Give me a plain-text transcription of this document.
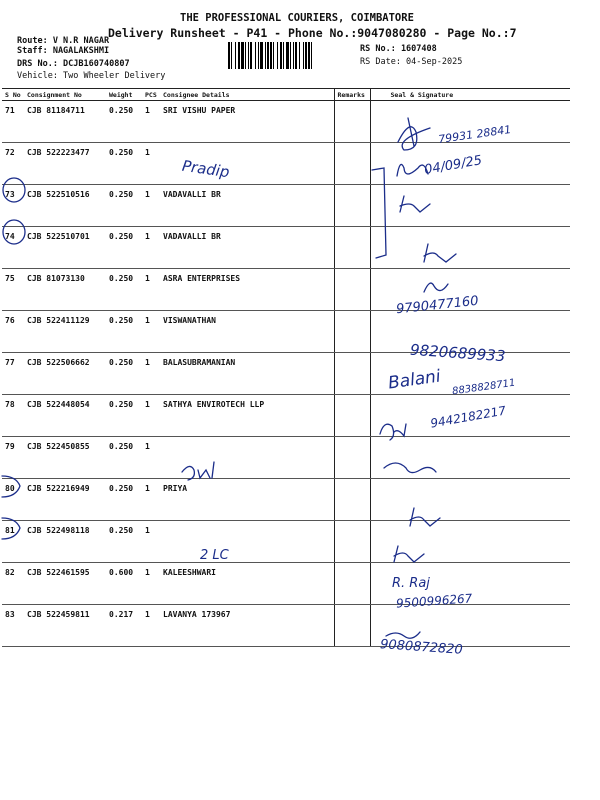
THE PROFESSIONAL COURIERS, COIMBATORE
Delivery Runsheet - P41 - Phone No.:9047080280 - Page No.:7
Route: V N.R NAGAR
Staff: NAGALAKSHMI
DRS No.: DCJB160740807
Vehicle: Two Wheeler Delivery
RS No.: 1607408
RS Date: 04-Sep-2025
S No	Consignment No	Weight	PCS	Consignee Details	Remarks	Seal & Signature
71	CJB 81184711	0.250	1	SRI VISHU PAPER		
72	CJB 522223477	0.250	1			
73	CJB 522510516	0.250	1	VADAVALLI BR		
74	CJB 522510701	0.250	1	VADAVALLI BR		
75	CJB 81073130	0.250	1	ASRA ENTERPRISES		
76	CJB 522411129	0.250	1	VISWANATHAN		
77	CJB 522506662	0.250	1	BALASUBRAMANIAN		
78	CJB 522448054	0.250	1	SATHYA ENVIROTECH LLP		
79	CJB 522450855	0.250	1			
80	CJB 522216949	0.250	1	PRIYA		
81	CJB 522498118	0.250	1			
82	CJB 522461595	0.600	1	KALEESHWARI		
83	CJB 522459811	0.217	1	LAVANYA 173967		
79931 28841
04/09/25
Pradip
9790477160
9820689933
Balani 8838828711
9442182217
2 LC
R. Raj
9500996267
9080872820
